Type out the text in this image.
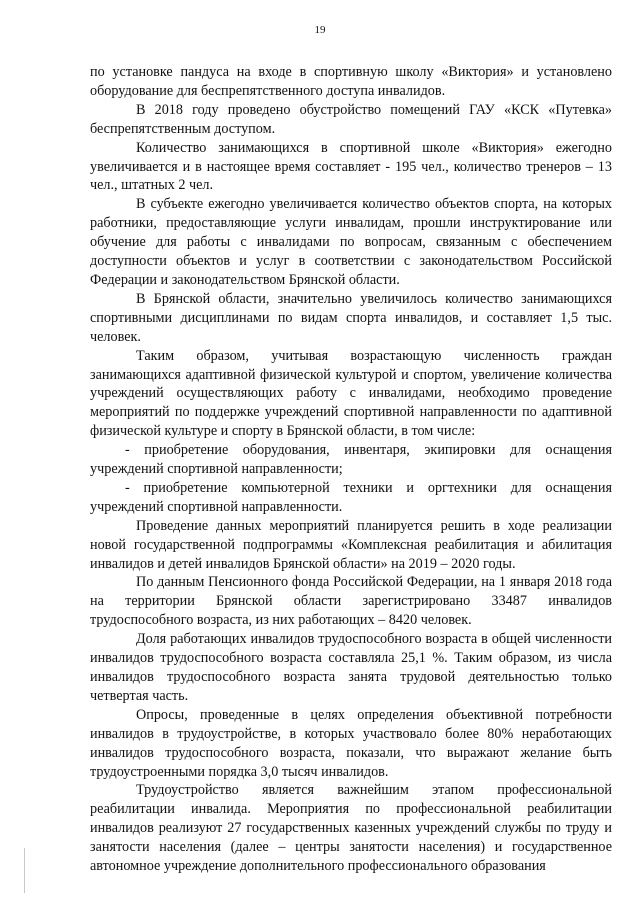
19

по установке пандуса на входе в спортивную школу «Виктория» и установлено оборудование для беспрепятственного доступа инвалидов.

В 2018 году проведено обустройство помещений ГАУ «КСК «Путевка» беспрепятственным доступом.

Количество занимающихся в спортивной школе «Виктория» ежегодно увеличивается и в настоящее время составляет - 195 чел., количество тренеров – 13 чел., штатных 2 чел.

В субъекте ежегодно увеличивается количество объектов спорта, на которых работники, предоставляющие услуги инвалидам, прошли инструктирование или обучение для работы с инвалидами по вопросам, связанным с обеспечением доступности объектов и услуг в соответствии с законодательством Российской Федерации и законодательством Брянской области.

В Брянской области, значительно увеличилось количество занимающихся спортивными дисциплинами по видам спорта инвалидов, и составляет 1,5 тыс. человек.

Таким образом, учитывая возрастающую численность граждан занимающихся адаптивной физической культурой и спортом, увеличение количества учреждений осуществляющих работу с инвалидами, необходимо проведение мероприятий по поддержке учреждений спортивной направленности по адаптивной физической культуре и спорту в Брянской области, в том числе:

- приобретение оборудования, инвентаря, экипировки для оснащения учреждений спортивной направленности;

- приобретение компьютерной техники и оргтехники для оснащения учреждений спортивной направленности.

Проведение данных мероприятий планируется решить в ходе реализации новой государственной подпрограммы «Комплексная реабилитация и абилитация инвалидов и детей инвалидов Брянской области» на 2019 – 2020 годы.

По данным Пенсионного фонда Российской Федерации, на 1 января 2018 года на территории Брянской области зарегистрировано 33487 инвалидов трудоспособного возраста, из них работающих – 8420 человек.

Доля работающих инвалидов трудоспособного возраста в общей численности инвалидов трудоспособного возраста составляла 25,1 %. Таким образом, из числа инвалидов трудоспособного возраста занята трудовой деятельностью только четвертая часть.

Опросы, проведенные в целях определения объективной потребности инвалидов в трудоустройстве, в которых участвовало более 80% неработающих инвалидов трудоспособного возраста, показали, что выражают желание быть трудоустроенными порядка 3,0 тысяч инвалидов.

Трудоустройство является важнейшим этапом профессиональной реабилитации инвалида. Мероприятия по профессиональной реабилитации инвалидов реализуют 27 государственных казенных учреждений службы по труду и занятости населения (далее – центры занятости населения) и государственное автономное учреждение дополнительного профессионального образования
